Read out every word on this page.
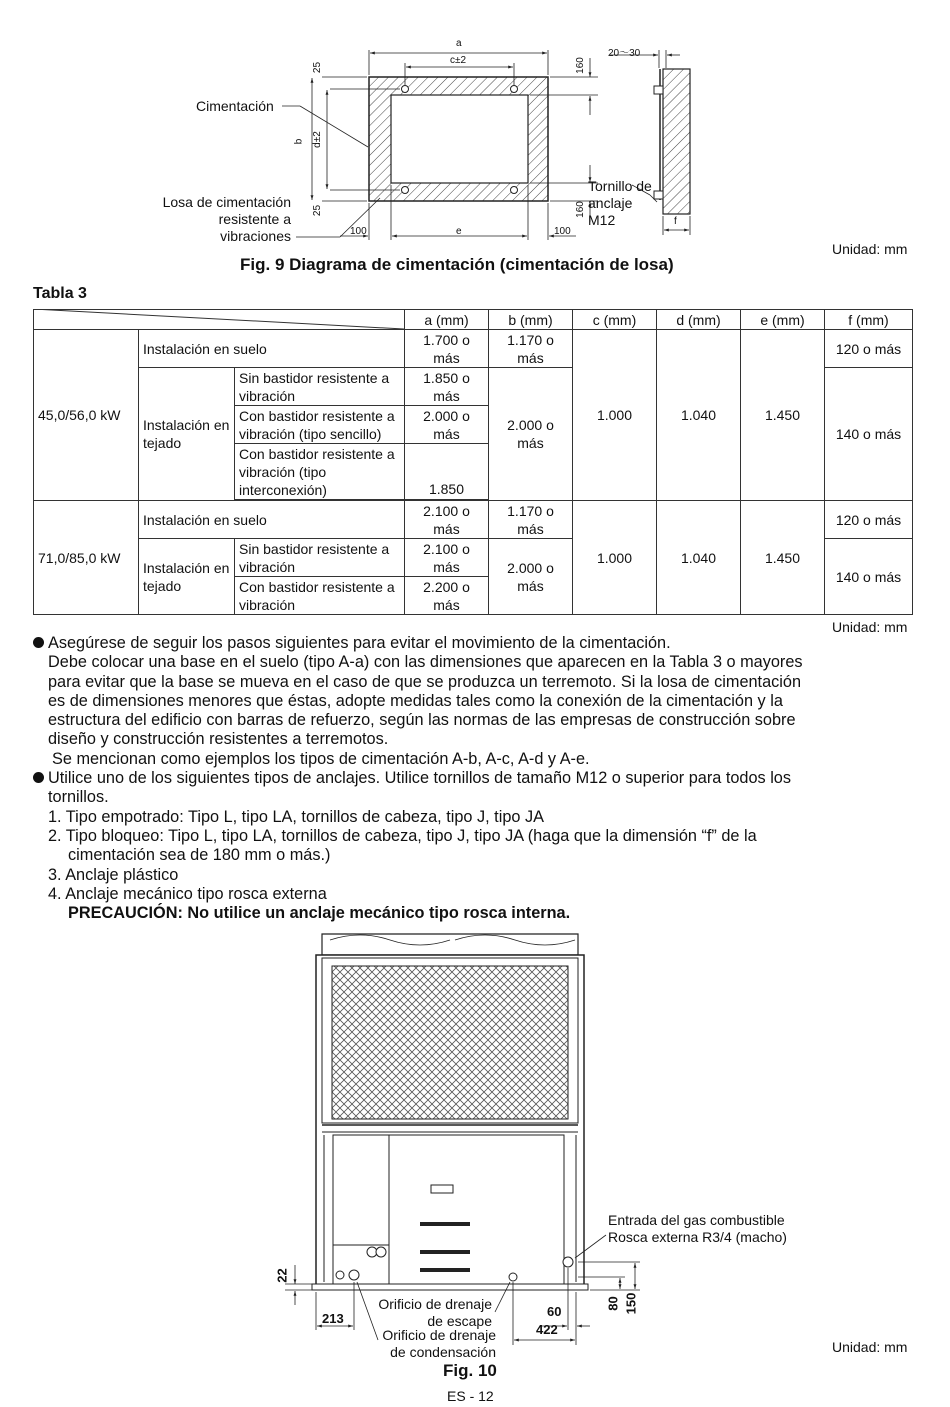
a
c±2
20～30
b d±2
25
25
160
160
100	e	100
f
Cimentación
Losa de cimentación
resistente a
vibraciones
Tornillo de
anclaje
M12
Fig. 9 Diagrama de cimentación (cimentación de losa)
Unidad: mm
Tabla 3
			a (mm)	b (mm)	c (mm)	d (mm)	e (mm)	f (mm)
45,0/56,0 kW	Instalación en suelo		1.700 o más	1.170 o más	1.000	1.040	1.450	120 o más
	Instalación en tejado	Sin bastidor resistente a vibración	1.850 o más	2.000 o más				140 o más
		Con bastidor resistente a vibración (tipo sencillo)	2.000 o más					
		Con bastidor resistente a vibración (tipo interconexión)	1.850					

71,0/85,0 kW	Instalación en suelo		2.100 o más	1.170 o más	1.000	1.040	1.450	120 o más
	Instalación en tejado	Sin bastidor resistente a vibración	2.100 o más	2.000 o más				140 o más
		Con bastidor resistente a vibración	2.200 o más					
Unidad: mm

Asegúrese de seguir los pasos siguientes para evitar el movimiento de la cimentación.

Debe colocar una base en el suelo (tipo A-a) con las dimensiones que aparecen en la Tabla 3 o mayores

para evitar que la base se mueva en el caso de que se produzca un terremoto. Si la losa de cimentación

es de dimensiones menores que éstas, adopte medidas tales como la conexión de la cimentación y la

estructura del edificio con barras de refuerzo, según las normas de las empresas de construcción sobre

diseño y construcción resistentes a terremotos.

Se mencionan como ejemplos los tipos de cimentación A-b, A-c, A-d y A-e.

Utilice uno de los siguientes tipos de anclajes. Utilice tornillos de tamaño M12 o superior para todos los

tornillos.

1. Tipo empotrado: Tipo L, tipo LA, tornillos de cabeza, tipo J, tipo JA

2. Tipo bloqueo: Tipo L, tipo LA, tornillos de cabeza, tipo J, tipo JA (haga que la dimensión “f” de la

cimentación sea de 180 mm o más.)

3. Anclaje plástico

4. Anclaje mecánico tipo rosca externa

PRECAUCIÓN: No utilice un anclaje mecánico tipo rosca interna.

22
213	60
422
80 150
Entrada del gas combustible
Rosca externa R3/4 (macho)
Orificio de drenaje
de escape
Orificio de drenaje
de condensación
Fig. 10
Unidad: mm
ES - 12
